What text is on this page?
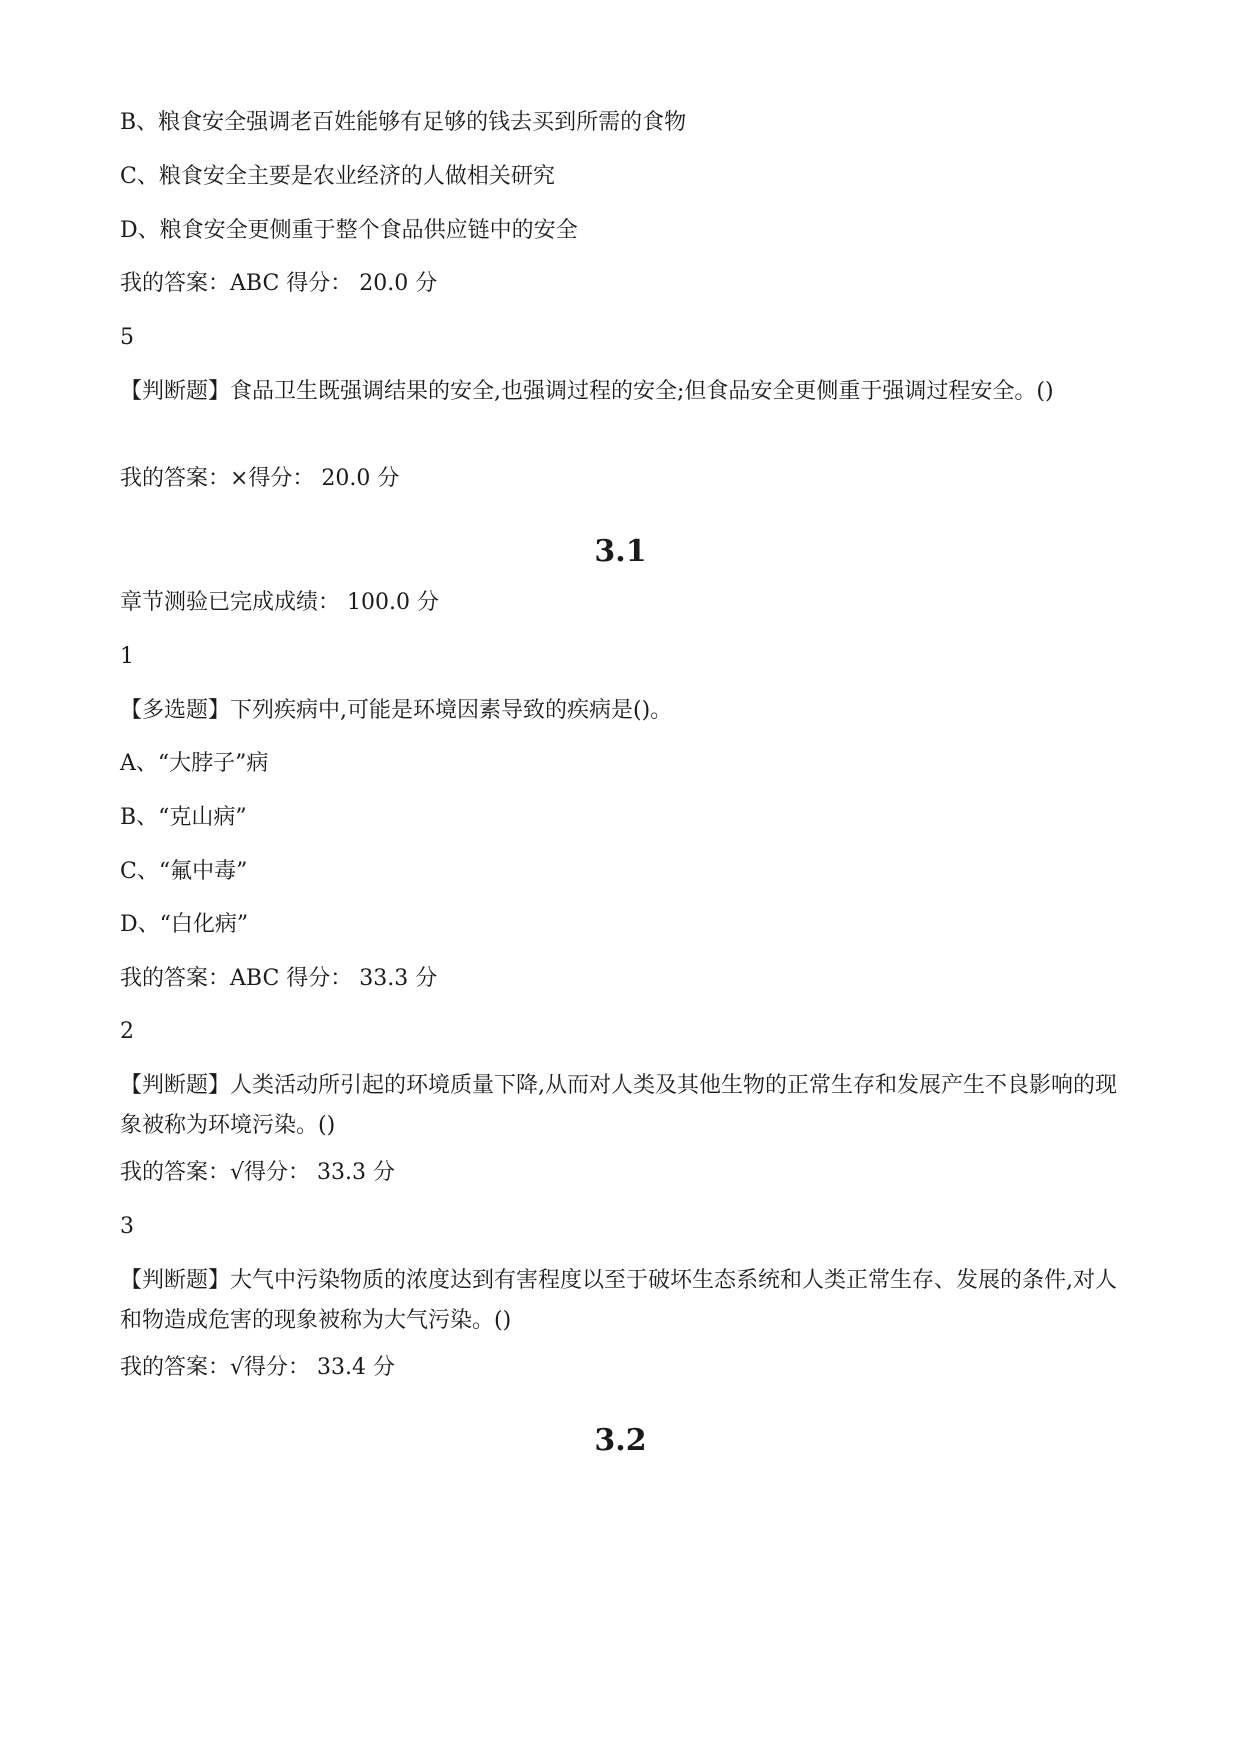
B、粮食安全强调老百姓能够有足够的钱去买到所需的食物
C、粮食安全主要是农业经济的人做相关研究
D、粮食安全更侧重于整个食品供应链中的安全
我的答案：ABC 得分： 20.0 分
5
【判断题】食品卫生既强调结果的安全,也强调过程的安全;但食品安全更侧重于强调过程安全。()
我的答案：×得分： 20.0 分
3.1
章节测验已完成成绩： 100.0 分
1
【多选题】下列疾病中,可能是环境因素导致的疾病是()。
A、“大脖子”病
B、“克山病”
C、“氟中毒”
D、“白化病”
我的答案：ABC 得分： 33.3 分
2
【判断题】人类活动所引起的环境质量下降,从而对人类及其他生物的正常生存和发展产生不良影响的现象被称为环境污染。()
我的答案：√得分： 33.3 分
3
【判断题】大气中污染物质的浓度达到有害程度以至于破坏生态系统和人类正常生存、发展的条件,对人和物造成危害的现象被称为大气污染。()
我的答案：√得分： 33.4 分
3.2
